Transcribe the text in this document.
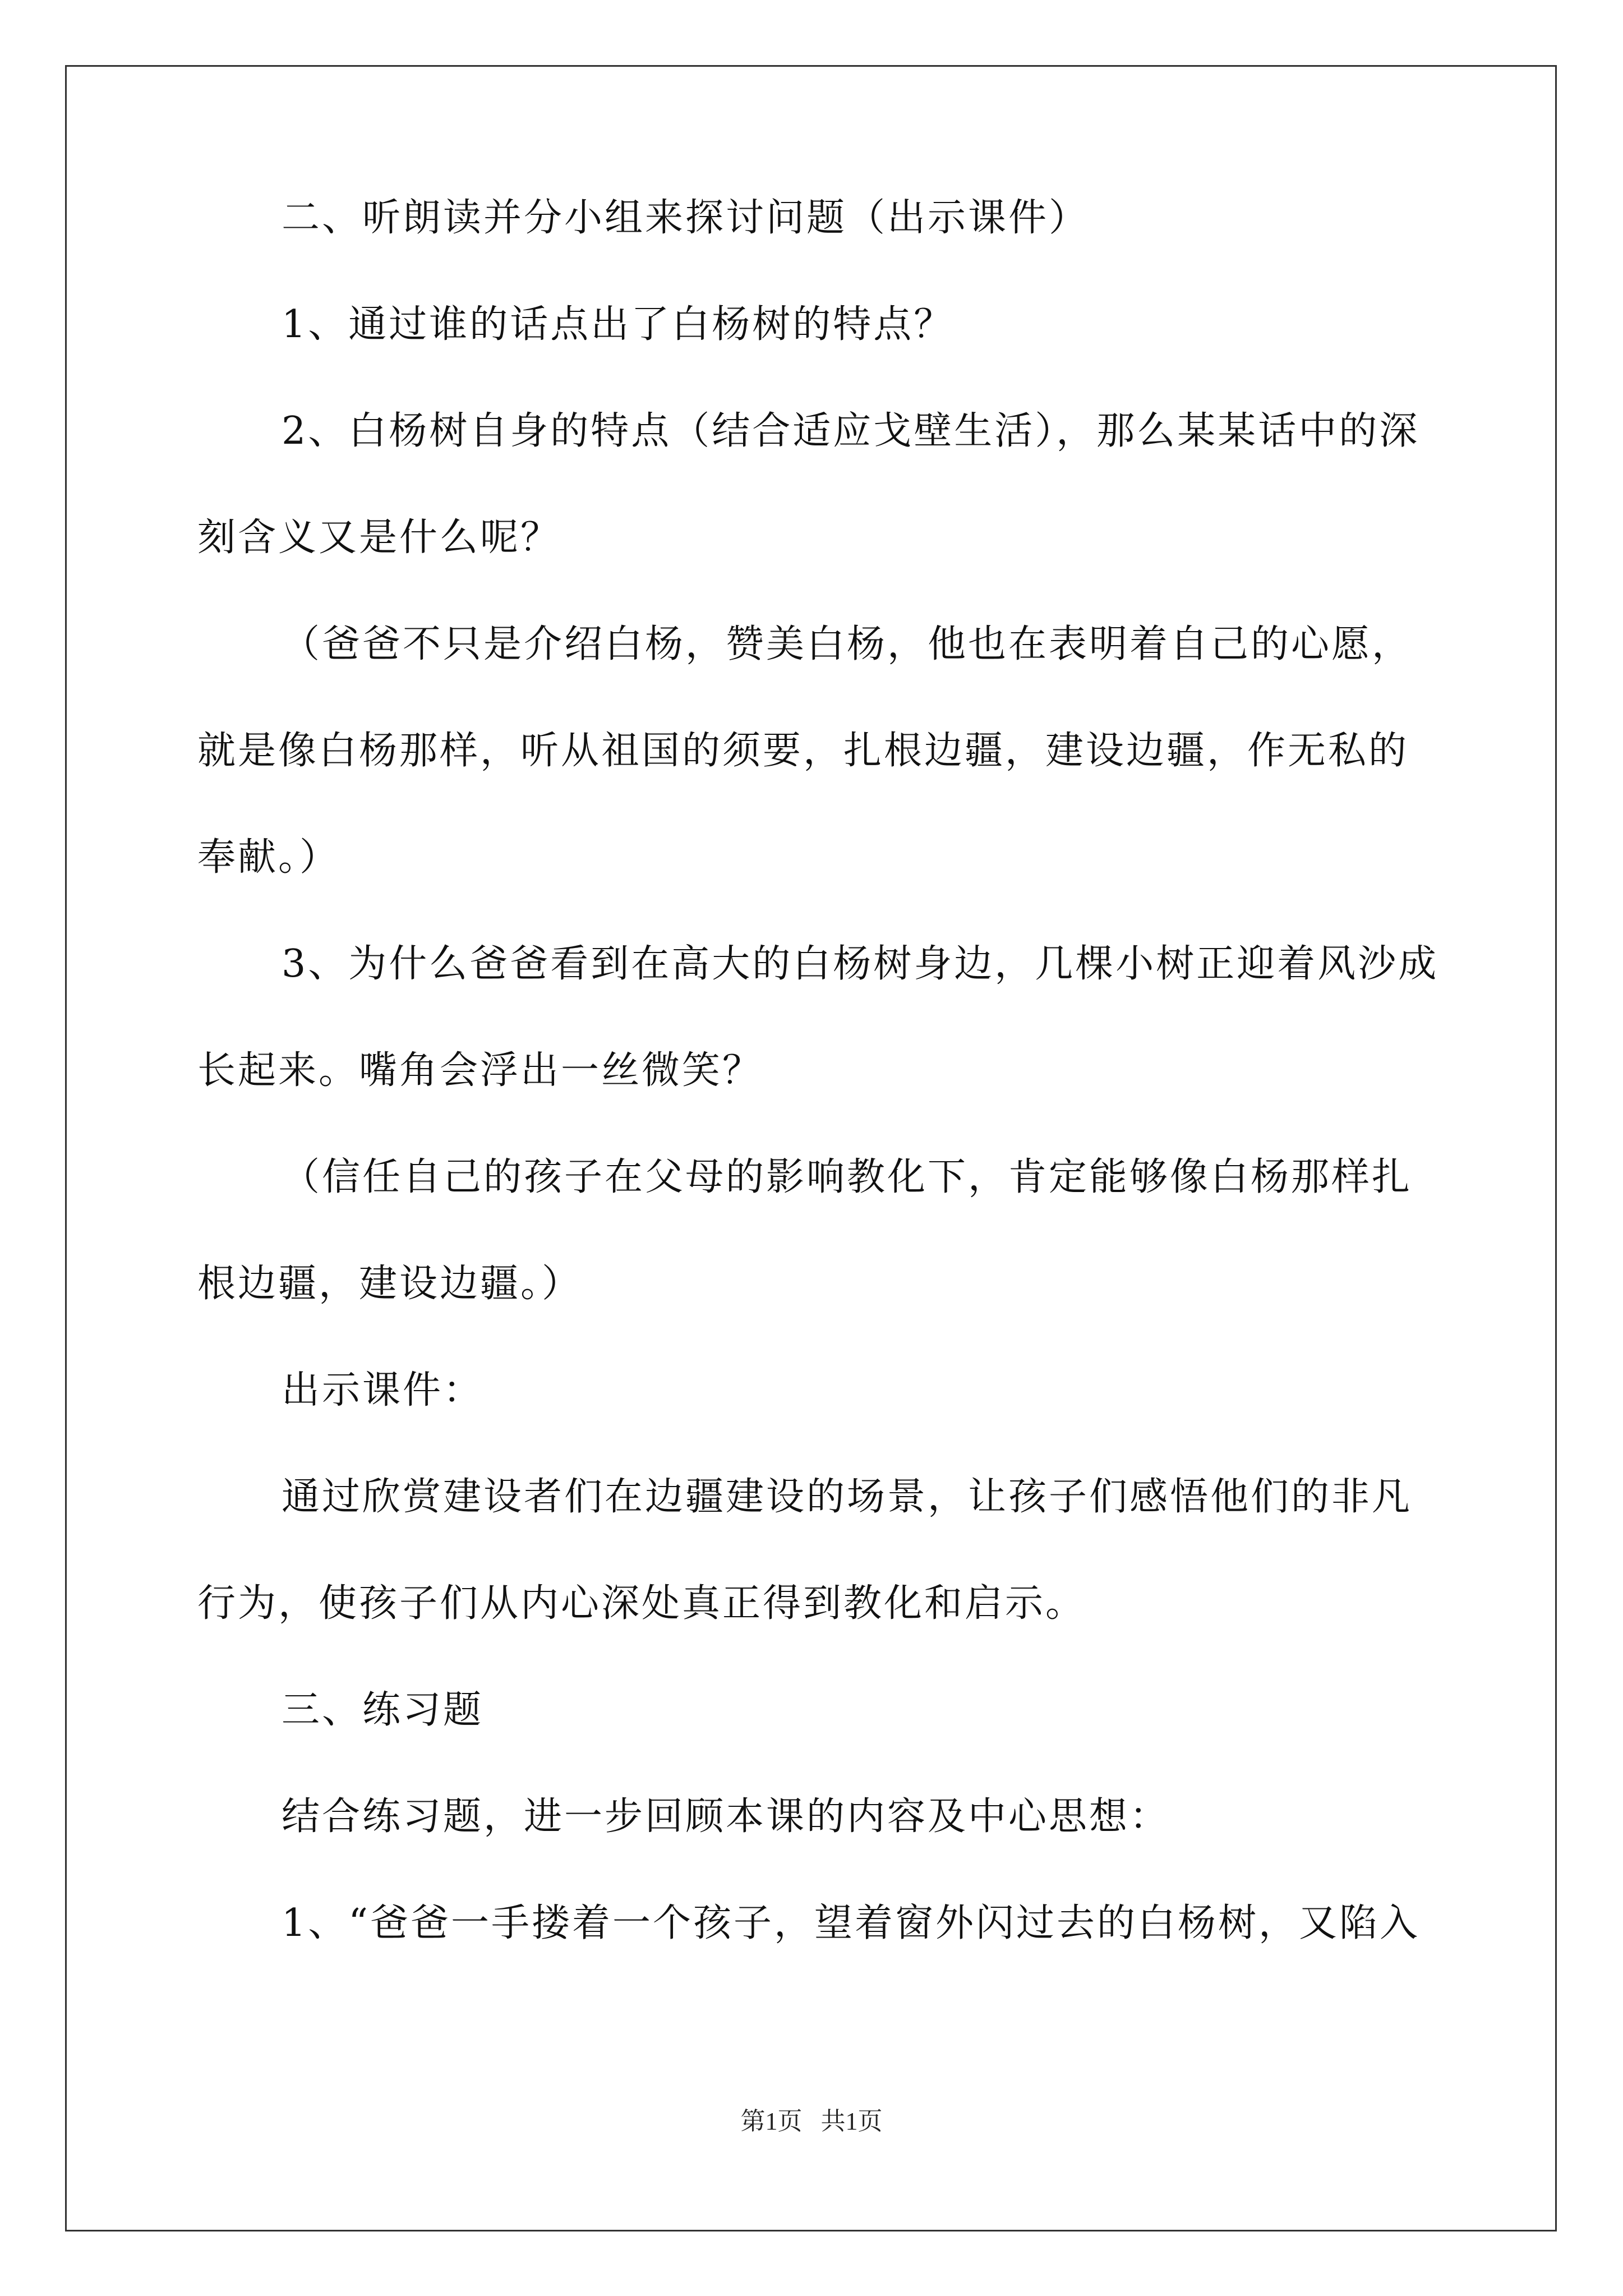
二、听朗读并分小组来探讨问题（出示课件）
1、通过谁的话点出了白杨树的特点？
2、白杨树自身的特点（结合适应戈壁生活），那么某某话中的深
刻含义又是什么呢？
（爸爸不只是介绍白杨，赞美白杨，他也在表明着自己的心愿，
就是像白杨那样，听从祖国的须要，扎根边疆，建设边疆，作无私的
奉献。）
3、为什么爸爸看到在高大的白杨树身边，几棵小树正迎着风沙成
长起来。嘴角会浮出一丝微笑？
（信任自己的孩子在父母的影响教化下，肯定能够像白杨那样扎
根边疆，建设边疆。）
出示课件：
通过欣赏建设者们在边疆建设的场景，让孩子们感悟他们的非凡
行为，使孩子们从内心深处真正得到教化和启示。
三、练习题
结合练习题，进一步回顾本课的内容及中心思想：
1、“爸爸一手搂着一个孩子，望着窗外闪过去的白杨树，又陷入
第1页   共1页
